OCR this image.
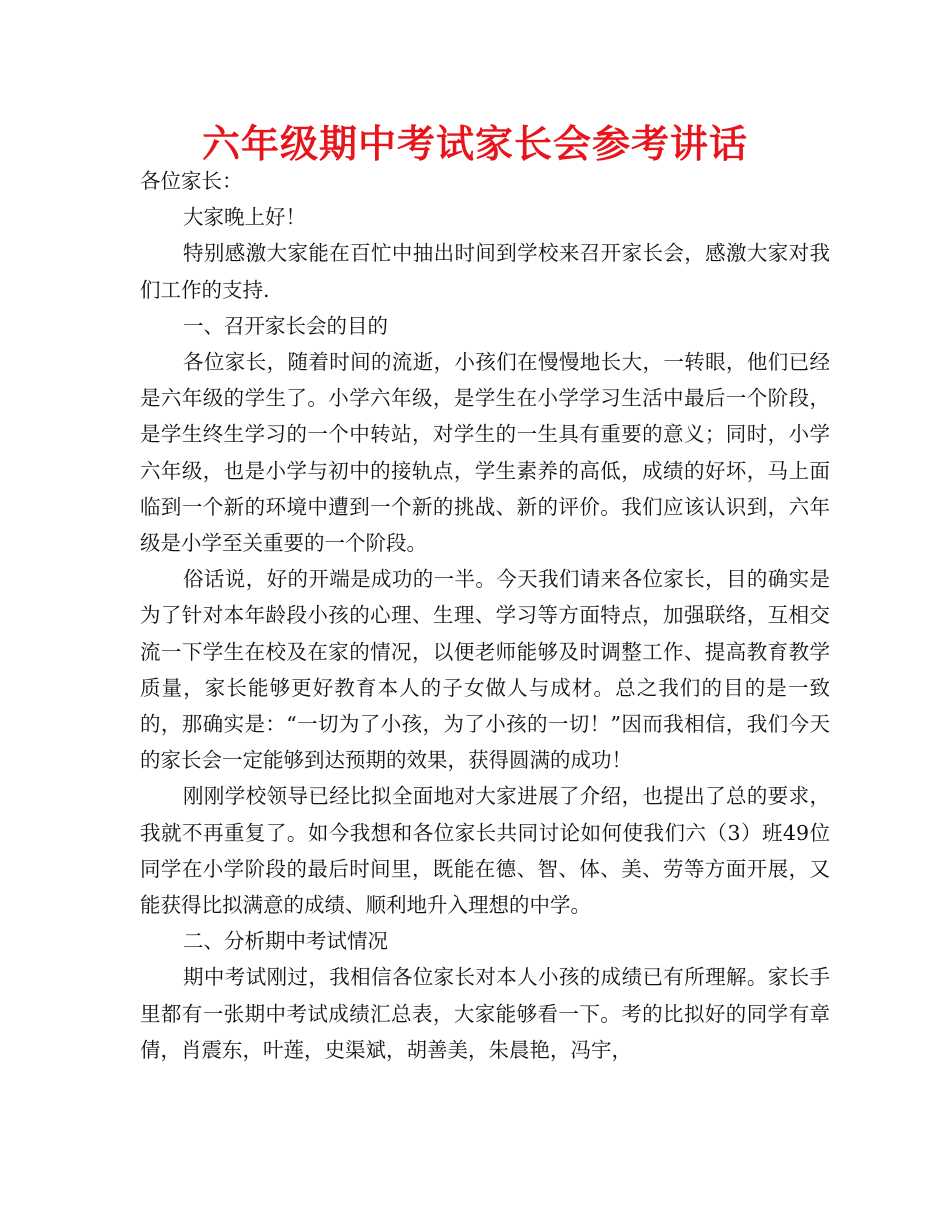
六年级期中考试家长会参考讲话

各位家长：

大家晚上好！

特别感激大家能在百忙中抽出时间到学校来召开家长会，感激大家对我们工作的支持.

一、召开家长会的目的

各位家长，随着时间的流逝，小孩们在慢慢地长大，一转眼，他们已经是六年级的学生了。小学六年级，是学生在小学学习生活中最后一个阶段，是学生终生学习的一个中转站，对学生的一生具有重要的意义；同时，小学六年级，也是小学与初中的接轨点，学生素养的高低，成绩的好坏，马上面临到一个新的环境中遭到一个新的挑战、新的评价。我们应该认识到，六年级是小学至关重要的一个阶段。

俗话说，好的开端是成功的一半。今天我们请来各位家长，目的确实是为了针对本年龄段小孩的心理、生理、学习等方面特点，加强联络，互相交流一下学生在校及在家的情况，以便老师能够及时调整工作、提高教育教学质量，家长能够更好教育本人的子女做人与成材。总之我们的目的是一致的，那确实是：“一切为了小孩，为了小孩的一切！”因而我相信，我们今天的家长会一定能够到达预期的效果，获得圆满的成功！

刚刚学校领导已经比拟全面地对大家进展了介绍，也提出了总的要求，我就不再重复了。如今我想和各位家长共同讨论如何使我们六（3）班49位同学在小学阶段的最后时间里，既能在德、智、体、美、劳等方面开展，又能获得比拟满意的成绩、顺利地升入理想的中学。

二、分析期中考试情况

期中考试刚过，我相信各位家长对本人小孩的成绩已有所理解。家长手里都有一张期中考试成绩汇总表，大家能够看一下。考的比拟好的同学有章倩，肖震东，叶莲，史渠斌，胡善美，朱晨艳，冯宇，
